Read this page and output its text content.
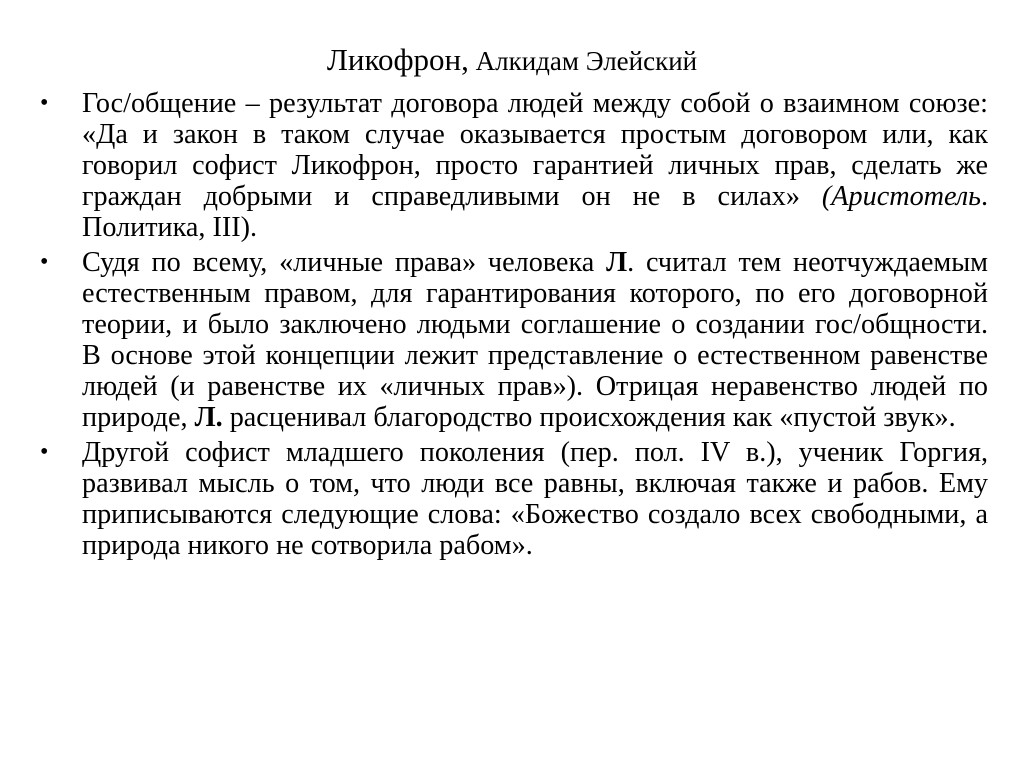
Ликофрон, Алкидам Элейский
•	Гос/общение – результат договора людей между собой о взаимном союзе: «Да и закон в таком случае оказывается простым договором или, как говорил софист Ликофрон, просто гарантией личных прав, сделать же граждан добрыми и справедливыми он не в силах» (Аристотель. Политика, III).
•	Судя по всему, «личные права» человека Л. считал тем неотчуждаемым естественным правом, для гарантирования которого, по его договорной теории, и было заключено людьми соглашение о создании гос/общности. В основе этой концепции лежит представление о естественном равенстве людей (и равенстве их «личных прав»). Отрицая неравенство людей по природе, Л. расценивал благородство происхождения как «пустой звук».
•	Другой софист младшего поколения (пер. пол. IV в.), ученик Горгия, развивал мысль о том, что люди все равны, включая также и рабов. Ему приписываются следующие слова: «Божество создало всех свободными, а природа никого не сотворила рабом».
